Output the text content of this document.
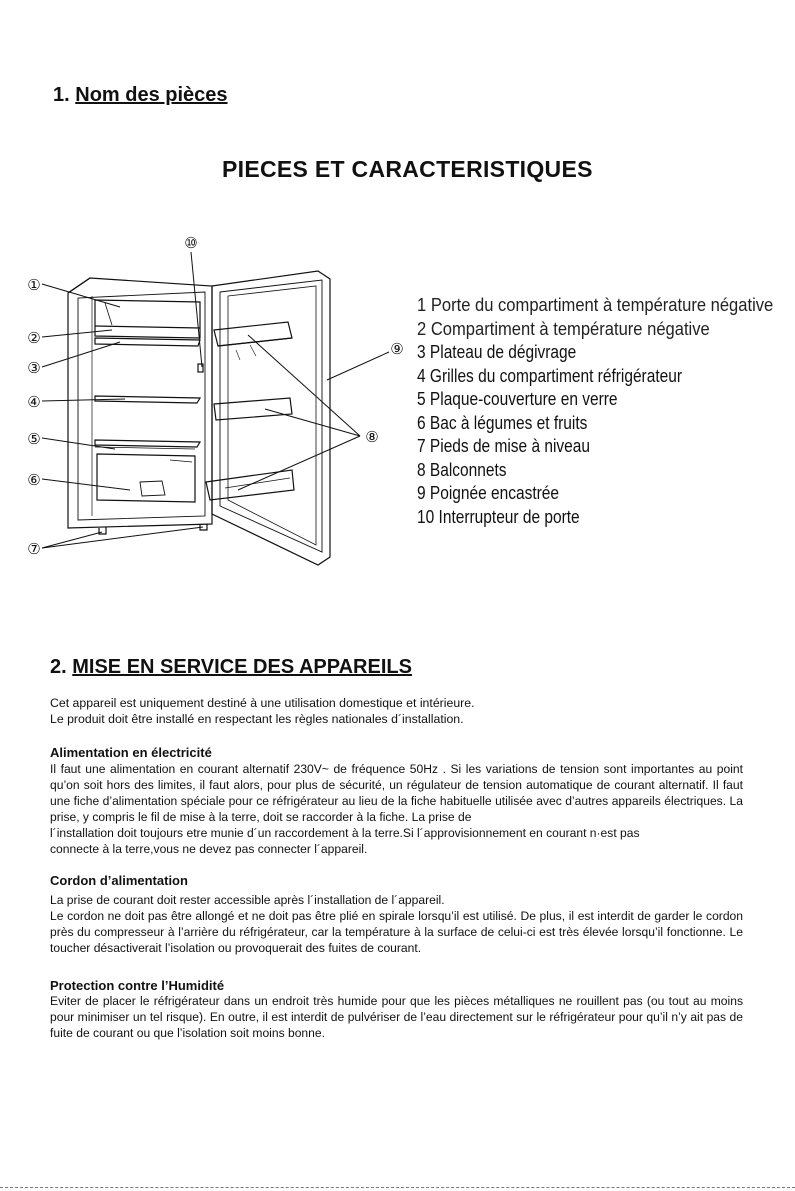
1. Nom des pièces
PIECES ET CARACTERISTIQUES
①
②
③
④
⑤
⑥
⑦
⑧
⑨
⑩
1 Porte du compartiment à température négative
2 Compartiment à température négative
3 Plateau de dégivrage
4 Grilles du compartiment réfrigérateur
5 Plaque-couverture en verre
6 Bac à légumes et fruits
7 Pieds de mise à niveau
8 Balconnets
9 Poignée encastrée
10 Interrupteur de porte
2. MISE EN SERVICE DES APPAREILS

Cet appareil est uniquement destiné à une utilisation domestique et intérieure.

Le produit doit être installé en respectant les règles nationales d´installation.

Alimentation en électricité

Il faut une alimentation en courant alternatif 230V~ de fréquence 50Hz . Si les variations de tension sont importantes au point qu’on soit hors des limites, il faut alors, pour plus de sécurité, un régulateur de tension automatique de courant alternatif. Il faut une fiche d’alimentation spéciale pour ce réfrigérateur au lieu de la fiche habituelle utilisée avec d’autres appareils électriques. La prise, y compris le fil de mise à la terre, doit se raccorder à la fiche. La prise de

l´installation doit toujours etre munie d´un raccordement à la terre.Si l´approvisionnement en courant n·est pas

connecte à la terre,vous ne devez pas connecter l´appareil.

Cordon d’alimentation

La prise de courant doit rester accessible après l´installation de l´appareil.

Le cordon ne doit pas être allongé et ne doit pas être plié en spirale lorsqu’il est utilisé. De plus, il est interdit de garder le cordon près du compresseur à l’arrière du réfrigérateur, car la température à la surface de celui-ci est très élevée lorsqu’il fonctionne. Le toucher désactiverait l’isolation ou provoquerait des fuites de courant.

Protection contre l’Humidité

Eviter de placer le réfrigérateur dans un endroit très humide pour que les pièces métalliques ne rouillent pas (ou tout au moins pour minimiser un tel risque). En outre, il est interdit de pulvériser de l’eau directement sur le réfrigérateur pour qu’il n’y ait pas de fuite de courant ou que l’isolation soit moins bonne.
